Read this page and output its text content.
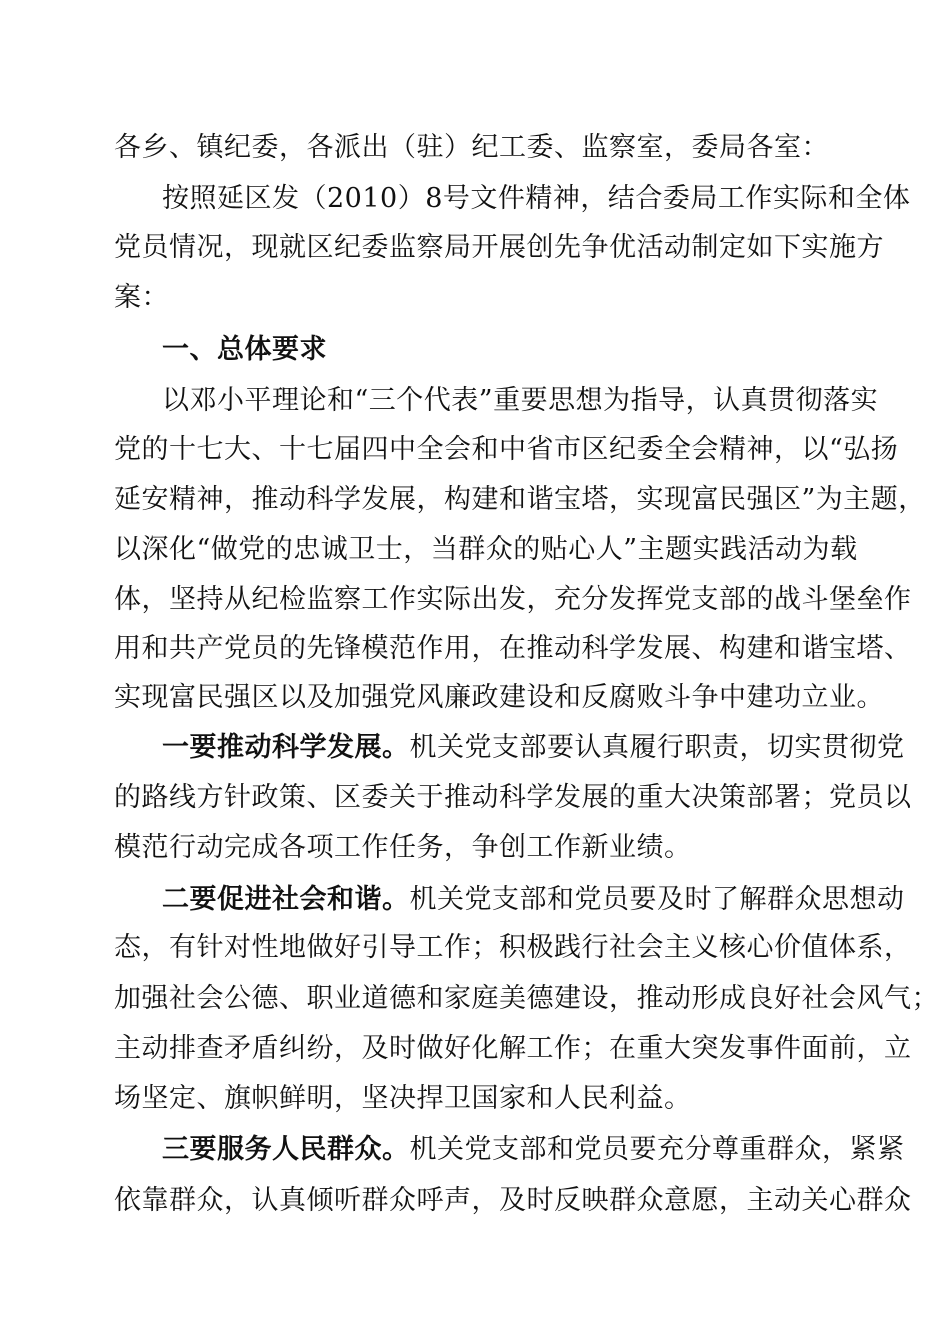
各乡、镇纪委，各派出（驻）纪工委、监察室，委局各室：
按照延区发（2010）8号文件精神，结合委局工作实际和全体
党员情况，现就区纪委监察局开展创先争优活动制定如下实施方
案：
一、总体要求
以邓小平理论和“三个代表”重要思想为指导，认真贯彻落实
党的十七大、十七届四中全会和中省市区纪委全会精神，以“弘扬
延安精神，推动科学发展，构建和谐宝塔，实现富民强区”为主题，
以深化“做党的忠诚卫士，当群众的贴心人”主题实践活动为载
体，坚持从纪检监察工作实际出发，充分发挥党支部的战斗堡垒作
用和共产党员的先锋模范作用，在推动科学发展、构建和谐宝塔、
实现富民强区以及加强党风廉政建设和反腐败斗争中建功立业。
一要推动科学发展。机关党支部要认真履行职责，切实贯彻党
的路线方针政策、区委关于推动科学发展的重大决策部署；党员以
模范行动完成各项工作任务，争创工作新业绩。
二要促进社会和谐。机关党支部和党员要及时了解群众思想动
态，有针对性地做好引导工作；积极践行社会主义核心价值体系，
加强社会公德、职业道德和家庭美德建设，推动形成良好社会风气；
主动排查矛盾纠纷，及时做好化解工作；在重大突发事件面前，立
场坚定、旗帜鲜明，坚决捍卫国家和人民利益。
三要服务人民群众。机关党支部和党员要充分尊重群众，紧紧
依靠群众，认真倾听群众呼声，及时反映群众意愿，主动关心群众
